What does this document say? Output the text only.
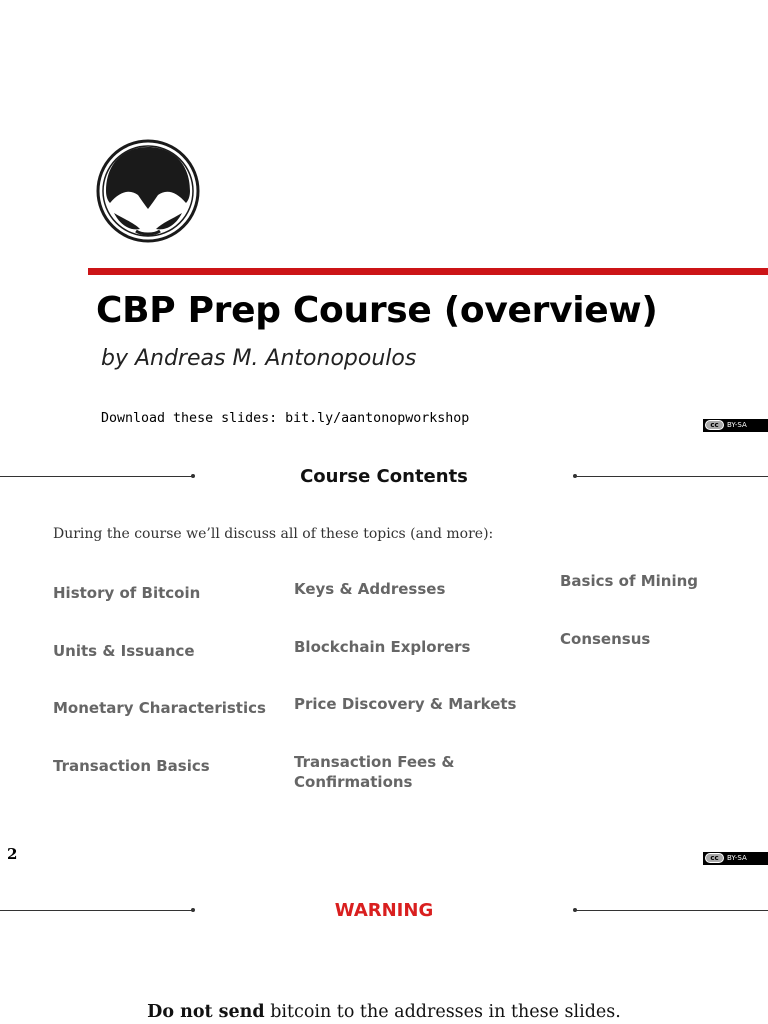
CBP Prep Course (overview)

by Andreas M. Antonopoulos

Download these slides: bit.ly/aantonopworkshop	cc	BY-SA
Course Contents
During the course we’ll discuss all of these topics (and more):
History of Bitcoin
Units & Issuance
Monetary Characteristics
Transaction Basics
Keys & Addresses
Blockchain Explorers
Price Discovery & Markets
Transaction Fees & Confirmations
Basics of Mining
Consensus
2	cc	BY-SA
WARNING
Do not send bitcoin to the addresses in these slides.
